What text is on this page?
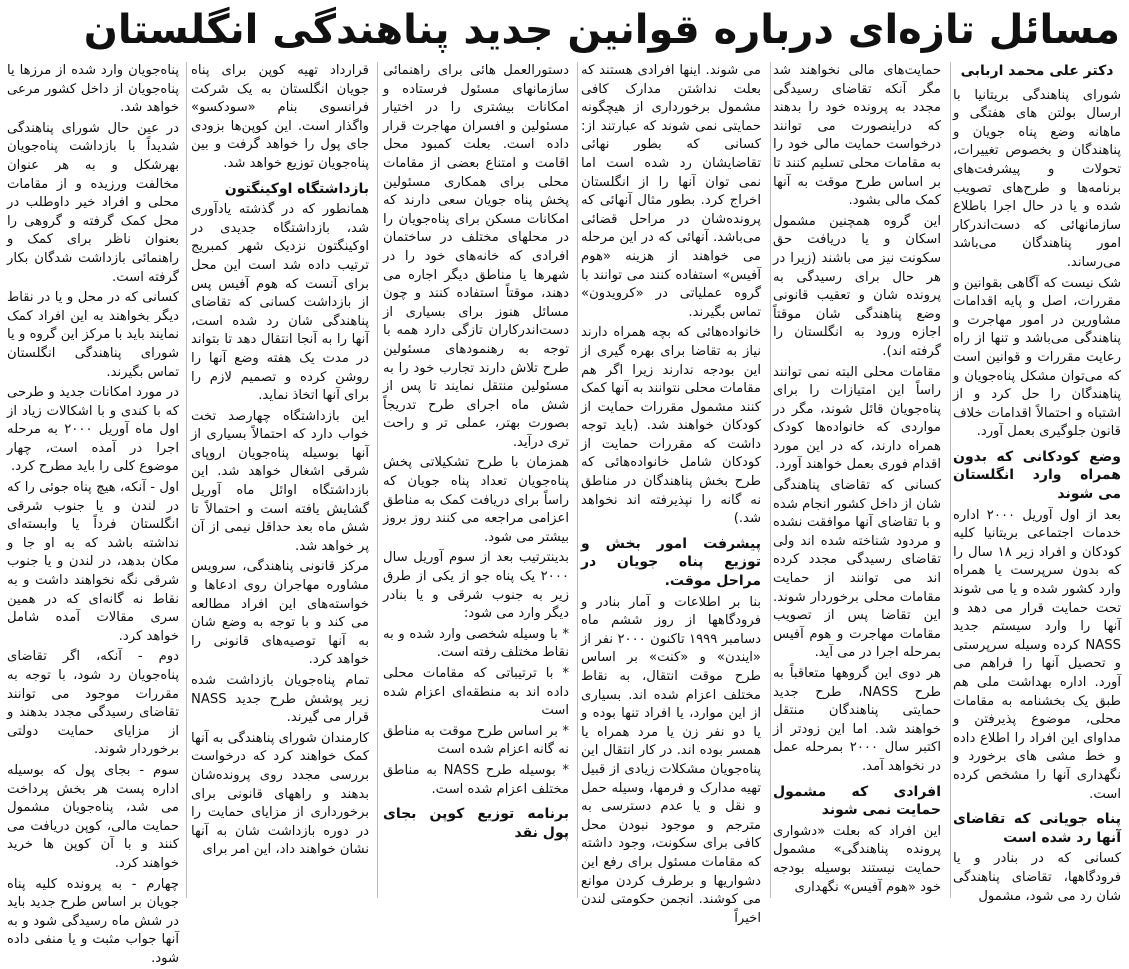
مسائل تازه‌ای درباره قوانین جدید پناهندگی انگلستان

دکتر علی محمد اربابی

شورای پناهندگی بریتانیا با ارسال بولتن های هفتگی و ماهانه وضع پناه جویان و پناهندگان و بخصوص تغییرات، تحولات و پیشرفت‌های برنامه‌ها و طرح‌های تصویب شده و یا در حال اجرا باطلاع سازمانهائی که دست‌اندرکار امور پناهندگان می‌باشد می‌رساند.

شک نیست که آگاهی بقوانین و مقررات، اصل و پایه اقدامات مشاورین در امور مهاجرت و پناهندگی می‌باشد و تنها از راه رعایت مقررات و قوانین است که می‌توان مشکل پناه‌جویان و پناهندگان را حل کرد و از اشتباه و احتمالاً اقدامات خلاف قانون جلوگیری بعمل آورد.

وضع کودکانی که بدون همراه وارد انگلستان می شوند

بعد از اول آوریل ۲۰۰۰ اداره خدمات اجتماعی بریتانیا کلیه کودکان و افراد زیر ۱۸ سال را که بدون سرپرست یا همراه وارد کشور شده و یا می شوند تحت حمایت قرار می دهد و آنها را وارد سیستم جدید NASS کرده وسیله سرپرستی و تحصیل آنها را فراهم می آورد. اداره بهداشت ملی هم طبق یک بخشنامه به مقامات محلی، موضوع پذیرفتن و مداوای این افراد را اطلاع داده و خط مشی های برخورد و نگهداری آنها را مشخص کرده است.

پناه جویانی که تقاضای آنها رد شده است

کسانی که در بنادر و یا فرودگاهها، تقاضای پناهندگی شان رد می شود، مشمول

حمایت‌های مالی نخواهند شد مگر آنکه تقاضای رسیدگی مجدد به پرونده خود را بدهند که دراینصورت می توانند درخواست حمایت مالی خود را به مقامات محلی تسلیم کنند تا بر اساس طرح موقت به آنها کمک مالی بشود.

این گروه همچنین مشمول اسکان و یا دریافت حق سکونت نیز می باشند (زیرا در هر حال برای رسیدگی به پرونده شان و تعقیب قانونی وضع پناهندگی شان موقتاً اجازه ورود به انگلستان را گرفته اند).

مقامات محلی البته نمی توانند راساً این امتیازات را برای پناه‌جویان قائل شوند، مگر در مواردی که خانواده‌ها کودک همراه دارند، که در این مورد اقدام فوری بعمل خواهند آورد.

کسانی که تقاضای پناهندگی شان از داخل کشور انجام شده و با تقاضای آنها موافقت نشده و مردود شناخته شده اند ولی تقاضای رسیدگی مجدد کرده اند می توانند از حمایت مقامات محلی برخوردار شوند. این تقاضا پس از تصویب مقامات مهاجرت و هوم آفیس بمرحله اجرا در می آید.

هر دوی این گروهها متعاقباً به طرح NASS، طرح جدید حمایتی پناهندگان منتقل خواهند شد. اما این زودتر از اکتبر سال ۲۰۰۰ بمرحله عمل در نخواهد آمد.

افرادی که مشمول حمایت نمی شوند

این افراد که بعلت «دشواری پرونده پناهندگی» مشمول حمایت نیستند بوسیله بودجه خود «هوم آفیس» نگهداری

می شوند. اینها افرادی هستند که بعلت نداشتن مدارک کافی مشمول برخورداری از هیچگونه حمایتی نمی شوند که عبارتند از: کسانی که بطور نهائی تقاضایشان رد شده است اما نمی توان آنها را از انگلستان اخراج کرد. بطور مثال آنهائی که پرونده‌شان در مراحل قضائی می‌باشد. آنهائی که در این مرحله می خواهند از هزینه «هوم آفیس» استفاده کنند می توانند با گروه عملیاتی در «کرویدون» تماس بگیرند.

خانواده‌هائی که بچه همراه دارند نیاز به تقاضا برای بهره گیری از این بودجه ندارند زیرا اگر هم مقامات محلی نتوانند به آنها کمک کنند مشمول مقررات حمایت از کودکان خواهند شد. (باید توجه داشت که مقررات حمایت از کودکان شامل خانواده‌هائی که طرح بخش پناهندگان در مناطق نه گانه را نپذیرفته اند نخواهد شد.)

پیشرفت امور بخش و توزیع پناه جویان در مراحل موقت.

بنا بر اطلاعات و آمار بنادر و فرودگاهها از روز ششم ماه دسامبر ۱۹۹۹ تاکنون ۲۰۰۰ نفر از «ایندن» و «کنت» بر اساس طرح موقت انتقال، به نقاط مختلف اعزام شده اند. بسیاری از این موارد، یا افراد تنها بوده و یا دو نفر زن یا مرد همراه یا همسر بوده اند. در کار انتقال این پناه‌جویان مشکلات زیادی از قبیل تهیه مدارک و فرمها، وسیله حمل و نقل و یا عدم دسترسی به مترجم و موجود نبودن محل کافی برای سکونت، وجود داشته که مقامات مسئول برای رفع این دشواریها و برطرف کردن موانع می کوشند. انجمن حکومتی لندن اخیراً

دستورالعمل هائی برای راهنمائی سازمانهای مسئول فرستاده و امکانات بیشتری را در اختیار مسئولین و افسران مهاجرت قرار داده است. بعلت کمبود محل اقامت و امتناع بعضی از مقامات محلی برای همکاری مسئولین پخش پناه جویان سعی دارند که امکانات مسکن برای پناه‌جویان را در محلهای مختلف در ساختمان افرادی که خانه‌های خود را در شهرها یا مناطق دیگر اجاره می دهند، موقتاً استفاده کنند و چون مسائل هنوز برای بسیاری از دست‌اندرکاران تازگی دارد همه با توجه به رهنمودهای مسئولین طرح تلاش دارند تجارب خود را به مسئولین منتقل نمایند تا پس از شش ماه اجرای طرح تدریجاً بصورت بهتر، عملی تر و راحت تری درآید.

همزمان با طرح تشکیلاتی پخش پناه‌جویان تعداد پناه جویان که راساً برای دریافت کمک به مناطق اعزامی مراجعه می کنند روز بروز بیشتر می شود.

بدینترتیب بعد از سوم آوریل سال ۲۰۰۰ یک پناه جو از یکی از طرق زیر به جنوب شرقی و یا بنادر دیگر وارد می شود:

* با وسیله شخصی وارد شده و به نقاط مختلف رفته است.

* با ترتیباتی که مقامات محلی داده اند به منطقه‌ای اعزام شده است

* بر اساس طرح موقت به مناطق نه گانه اعزام شده است

* بوسیله طرح NASS به مناطق مختلف اعزام شده است.

برنامه توزیع کوپن بجای پول نقد

قرارداد تهیه کوپن برای پناه جویان انگلستان به یک شرکت فرانسوی بنام «سودکسو» واگذار است. این کوپن‌ها بزودی جای پول را خواهد گرفت و بین پناه‌جویان توزیع خواهد شد.

بازداشتگاه اوکینگتون

همانطور که در گذشته یادآوری شد، بازداشتگاه جدیدی در اوکینگتون نزدیک شهر کمبریج ترتیب داده شد است این محل برای آنست که هوم آفیس پس از بازداشت کسانی که تقاضای پناهندگی شان رد شده است، آنها را به آنجا انتقال دهد تا بتواند در مدت یک هفته وضع آنها را روشن کرده و تصمیم لازم را برای آنها اتخاذ نماید.

این بازداشتگاه چهارصد تخت خواب دارد که احتمالاً بسیاری از آنها بوسیله پناه‌جویان اروپای شرقی اشغال خواهد شد. این بازداشتگاه اوائل ماه آوریل گشایش یافته است و احتمالاً تا شش ماه بعد حداقل نیمی از آن پر خواهد شد.

مرکز قانونی پناهندگی، سرویس مشاوره مهاجران روی ادعاها و خواسته‌های این افراد مطالعه می کند و با توجه به وضع شان به آنها توصیه‌های قانونی را خواهد کرد.

تمام پناه‌جویان بازداشت شده زیر پوشش طرح جدید NASS قرار می گیرند.

کارمندان شورای پناهندگی به آنها کمک خواهند کرد که درخواست بررسی مجدد روی پرونده‌شان بدهند و راههای قانونی برای برخورداری از مزایای حمایت را در دوره بازداشت شان به آنها نشان خواهند داد، این امر برای

پناه‌جویان وارد شده از مرزها یا پناه‌جویان از داخل کشور مرعی خواهد شد.

در عین حال شورای پناهندگی شدیداً با بازداشت پناه‌جویان بهرشکل و به هر عنوان مخالفت ورزیده و از مقامات محلی و افراد خیر داوطلب در محل کمک گرفته و گروهی را بعنوان ناظر برای کمک و راهنمائی بازداشت شدگان بکار گرفته است.

کسانی که در محل و یا در نقاط دیگر بخواهند به این افراد کمک نمایند باید با مرکز این گروه و یا شورای پناهندگی انگلستان تماس بگیرند.

در مورد امکانات جدید و طرحی که با کندی و با اشکالات زیاد از اول ماه آوریل ۲۰۰۰ به مرحله اجرا در آمده است، چهار موضوع کلی را باید مطرح کرد.

اول - آنکه، هیچ پناه جوئی را که در لندن و یا جنوب شرقی انگلستان فرداً یا وابسته‌ای نداشته باشد که به او جا و مکان بدهد، در لندن و یا جنوب شرقی نگه نخواهند داشت و به نقاط نه گانه‌ای که در همین سری مقالات آمده شامل خواهد کرد.

دوم - آنکه، اگر تقاضای پناه‌جویان رد شود، با توجه به مقررات موجود می توانند تقاضای رسیدگی مجدد بدهند و از مزایای حمایت دولتی برخوردار شوند.

سوم - بجای پول که بوسیله اداره پست هر بخش پرداخت می شد، پناه‌جویان مشمول حمایت مالی، کوپن دریافت می کنند و با آن کوپن ها خرید خواهند کرد.

چهارم - به پرونده کلیه پناه جویان بر اساس طرح جدید باید در شش ماه رسیدگی شود و به آنها جواب مثبت و یا منفی داده شود.
